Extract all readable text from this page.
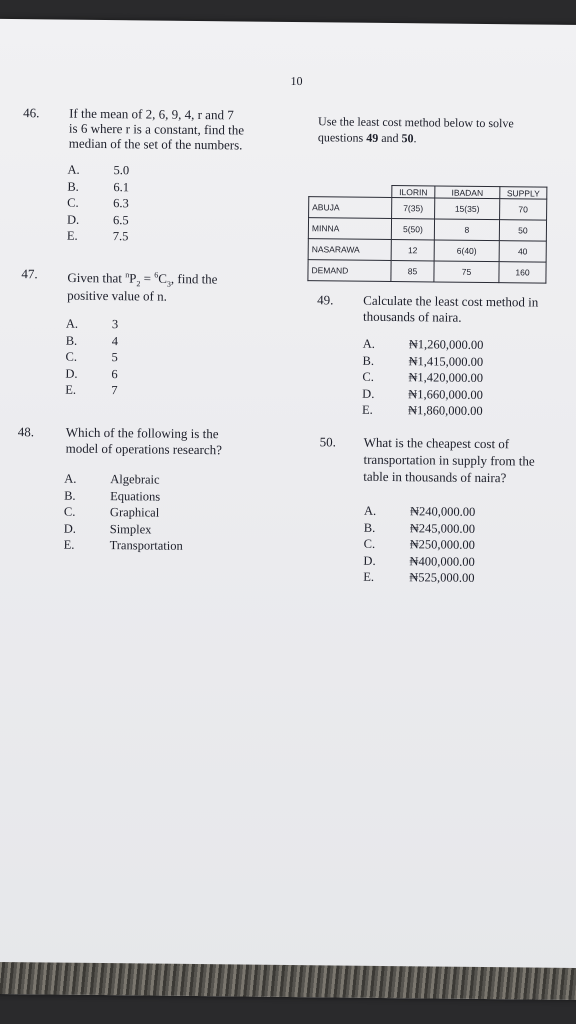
10
46. If the mean of 2, 6, 9, 4, r and 7
is 6 where r is a constant, find the
median of the set of the numbers.
A.	5.0
B.	6.1
C.	6.3
D.	6.5
E.	7.5
47. Given that $^nP_2 = ^6C_3$, find the
positive value of n.
A.	3
B.	4
C.	5
D.	6
E.	7
48. Which of the following is the
model of operations research?
A.	Algebraic
B.	Equations
C.	Graphical
D.	Simplex
E.	Transportation
Use the least cost method below to solve
questions 49 and 50.
	ILORIN	IBADAN	SUPPLY
ABUJA	7(35)	15(35)	70
MINNA	5(50)	8	50
NASARAWA	12	6(40)	40
DEMAND	85	75	160
49. Calculate the least cost method in
thousands of naira.
A.	₦1,260,000.00
B.	₦1,415,000.00
C.	₦1,420,000.00
D.	₦1,660,000.00
E.	₦1,860,000.00
50. What is the cheapest cost of
transportation in supply from the
table in thousands of naira?
A.	₦240,000.00
B.	₦245,000.00
C.	₦250,000.00
D.	₦400,000.00
E.	₦525,000.00
